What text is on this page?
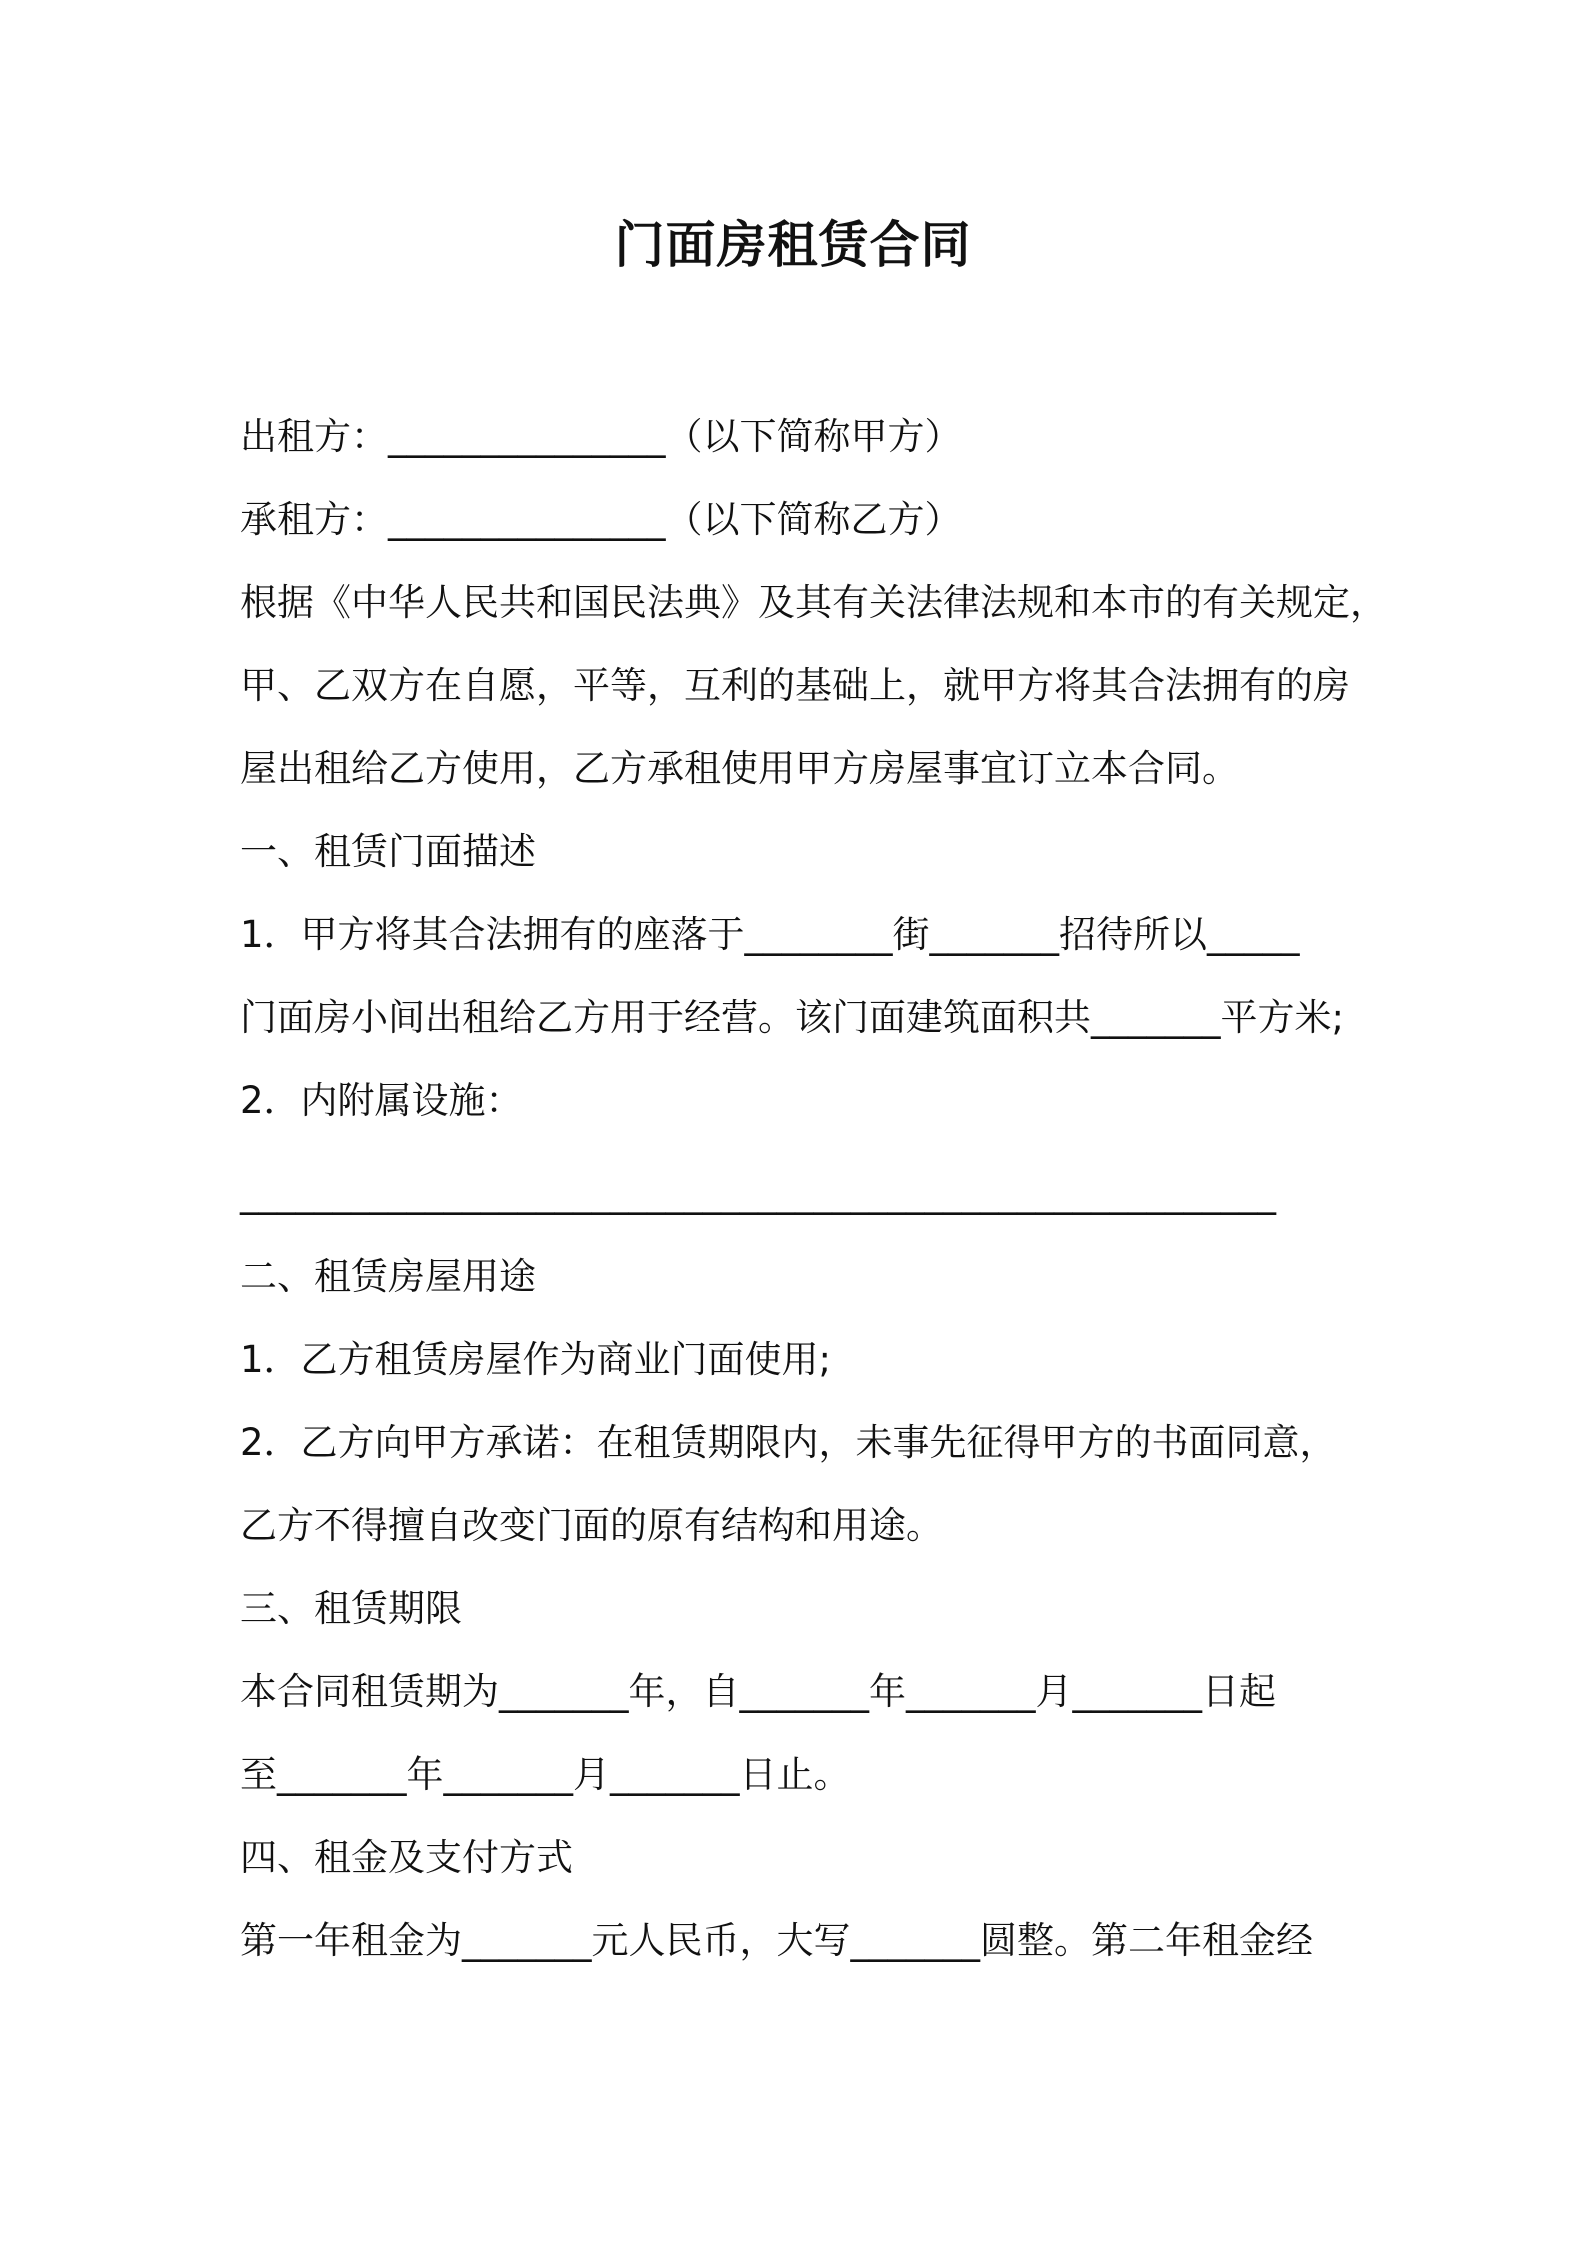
门面房租赁合同
出租方：_______________（以下简称甲方）
承租方：_______________（以下简称乙方）
根据《中华人民共和国民法典》及其有关法律法规和本市的有关规定，
甲、乙双方在自愿，平等，互利的基础上，就甲方将其合法拥有的房
屋出租给乙方使用，乙方承租使用甲方房屋事宜订立本合同。
一、租赁门面描述
1．甲方将其合法拥有的座落于________街_______招待所以_____
门面房小间出租给乙方用于经营。该门面建筑面积共_______平方米;
2．内附属设施：
________________________________________________________
二、租赁房屋用途
1．乙方租赁房屋作为商业门面使用;
2．乙方向甲方承诺：在租赁期限内，未事先征得甲方的书面同意，
乙方不得擅自改变门面的原有结构和用途。
三、租赁期限
本合同租赁期为_______年，自_______年_______月_______日起
至_______年_______月_______日止。
四、租金及支付方式
第一年租金为_______元人民币，大写_______圆整。第二年租金经
